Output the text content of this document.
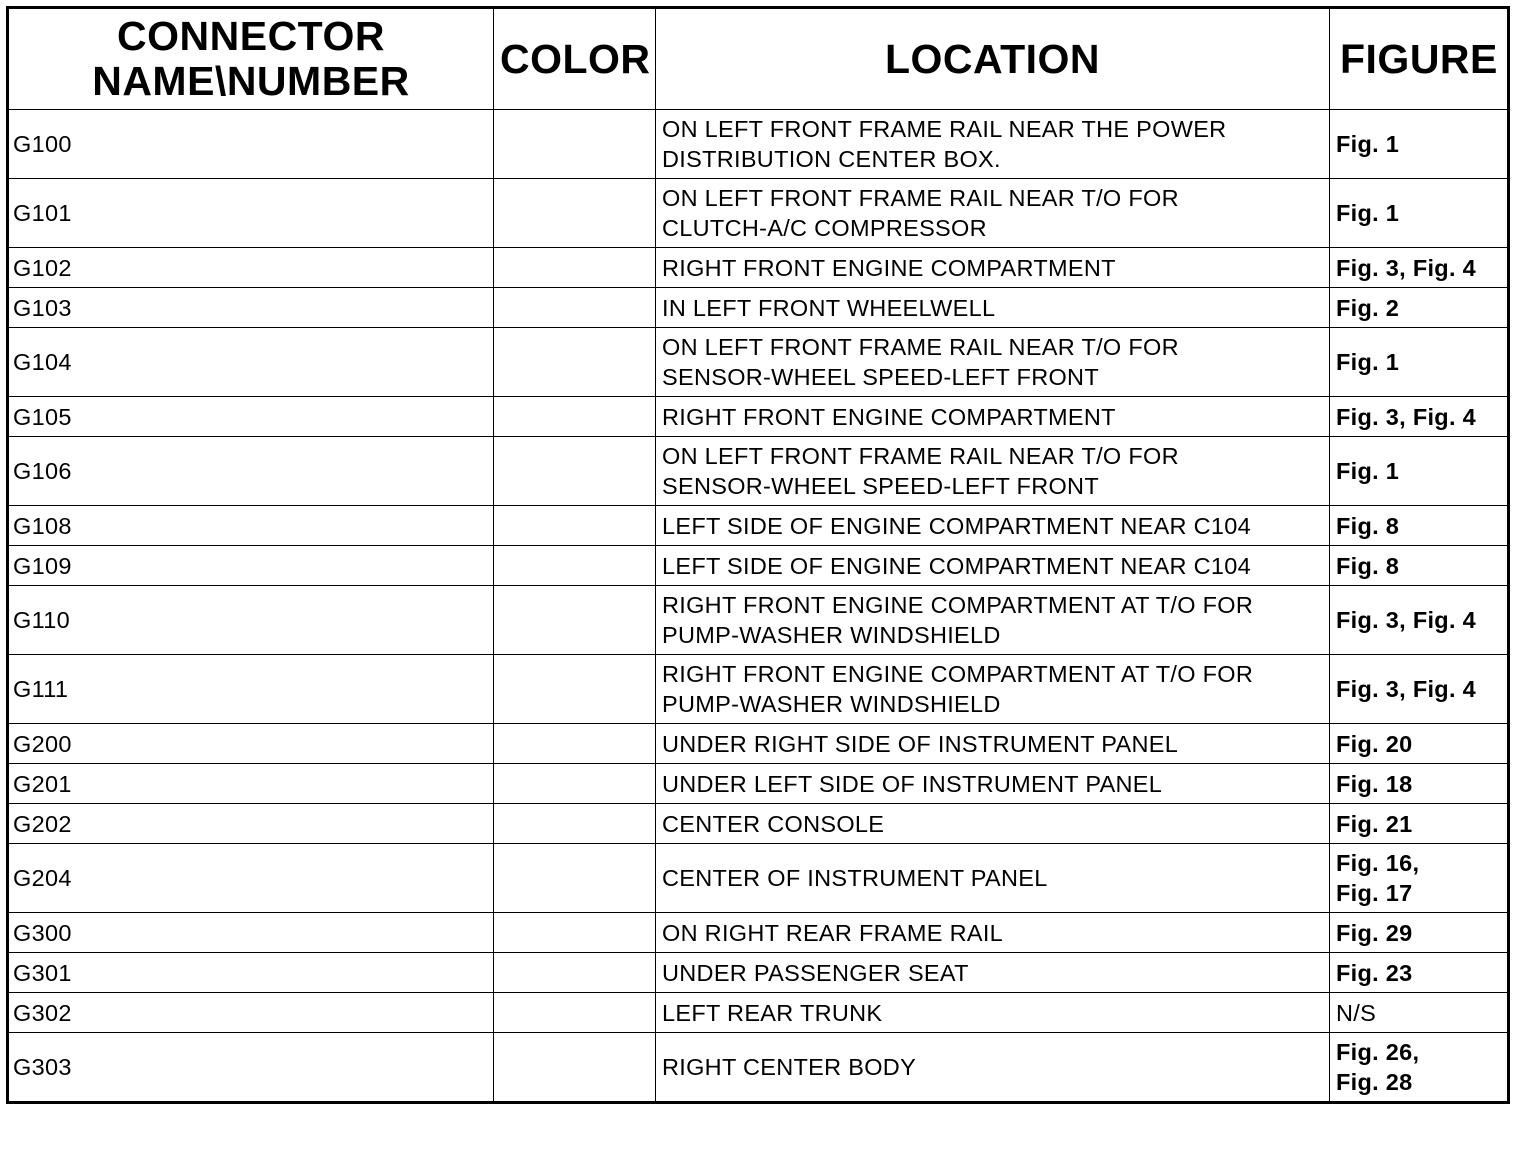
CONNECTOR
NAME\NUMBER	COLOR	LOCATION	FIGURE
G100		ON LEFT FRONT FRAME RAIL NEAR THE POWER
DISTRIBUTION CENTER BOX.	Fig. 1

G101		ON LEFT FRONT FRAME RAIL NEAR T/O FOR
CLUTCH-A/C COMPRESSOR	Fig. 1

G102		RIGHT FRONT ENGINE COMPARTMENT	Fig. 3, Fig. 4

G103		IN LEFT FRONT WHEELWELL	Fig. 2

G104		ON LEFT FRONT FRAME RAIL NEAR T/O FOR
SENSOR-WHEEL SPEED-LEFT FRONT	Fig. 1

G105		RIGHT FRONT ENGINE COMPARTMENT	Fig. 3, Fig. 4

G106		ON LEFT FRONT FRAME RAIL NEAR T/O FOR
SENSOR-WHEEL SPEED-LEFT FRONT	Fig. 1

G108		LEFT SIDE OF ENGINE COMPARTMENT NEAR C104	Fig. 8

G109		LEFT SIDE OF ENGINE COMPARTMENT NEAR C104	Fig. 8

G110		RIGHT FRONT ENGINE COMPARTMENT AT T/O FOR
PUMP-WASHER WINDSHIELD	Fig. 3, Fig. 4

G111		RIGHT FRONT ENGINE COMPARTMENT AT T/O FOR
PUMP-WASHER WINDSHIELD	Fig. 3, Fig. 4

G200		UNDER RIGHT SIDE OF INSTRUMENT PANEL	Fig. 20

G201		UNDER LEFT SIDE OF INSTRUMENT PANEL	Fig. 18

G202		CENTER CONSOLE	Fig. 21

G204		CENTER OF INSTRUMENT PANEL	Fig. 16,
Fig. 17

G300		ON RIGHT REAR FRAME RAIL	Fig. 29

G301		UNDER PASSENGER SEAT	Fig. 23

G302		LEFT REAR TRUNK	N/S

G303		RIGHT CENTER BODY	Fig. 26,
Fig. 28
